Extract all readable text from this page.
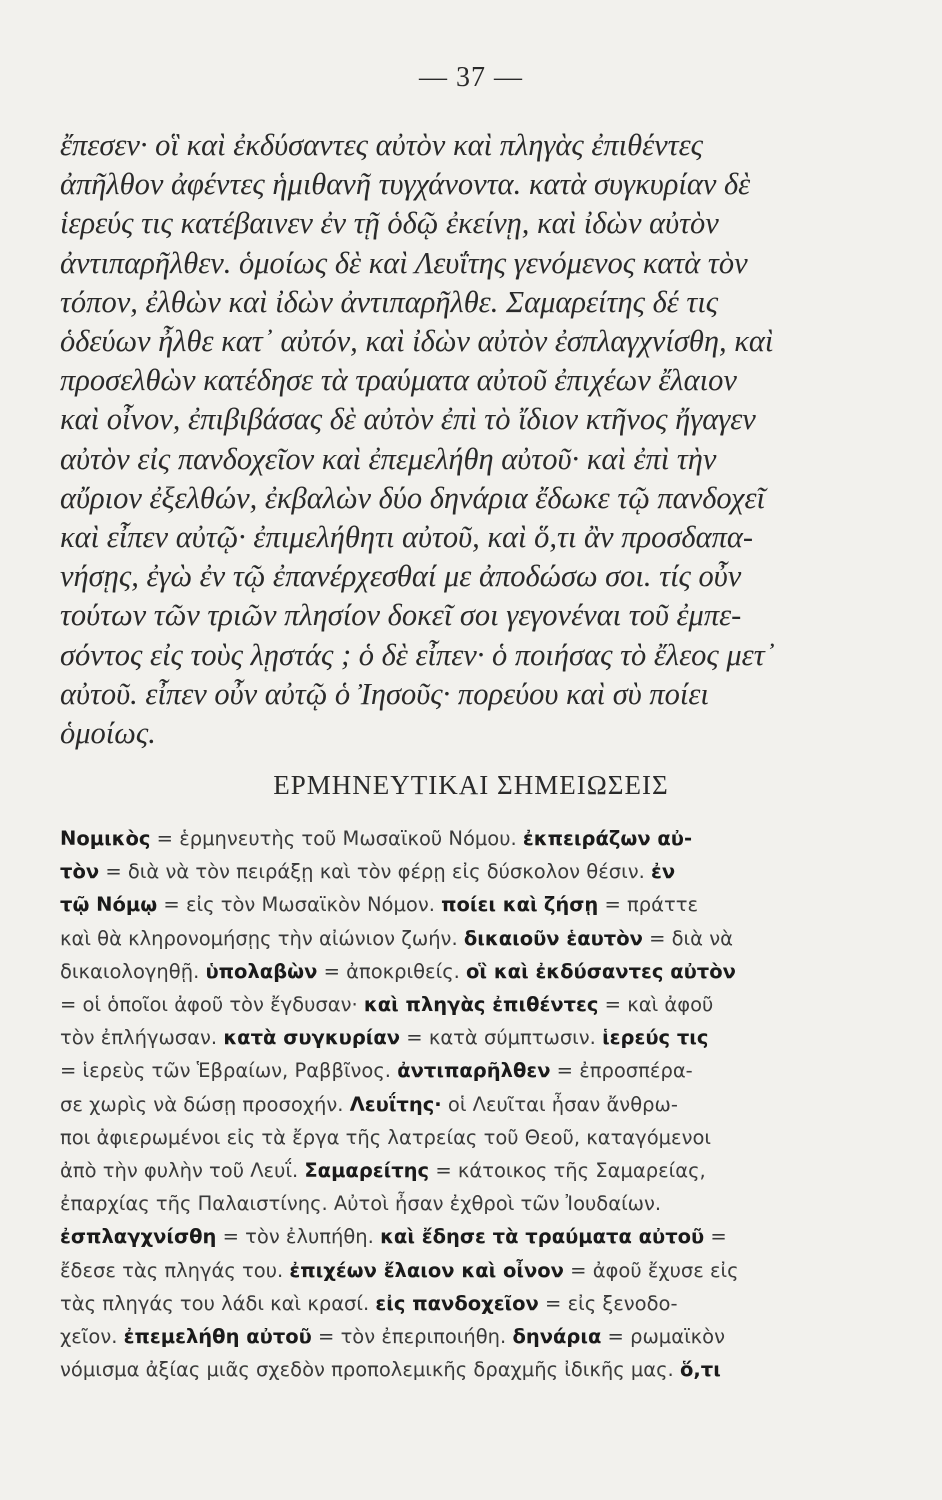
— 37 —
ἔπεσεν· οἳ καὶ ἐκδύσαντες αὐτὸν καὶ πληγὰς ἐπιθέντες
ἀπῆλθον ἀφέντες ἡμιθανῆ τυγχάνοντα. κατὰ συγκυρίαν δὲ
ἱερεύς τις κατέβαινεν ἐν τῇ ὁδῷ ἐκείνῃ, καὶ ἰδὼν αὐτὸν
ἀντιπαρῆλθεν. ὁμοίως δὲ καὶ Λευΐτης γενόμενος κατὰ τὸν
τόπον, ἐλθὼν καὶ ἰδὼν ἀντιπαρῆλθε. Σαμαρείτης δέ τις
ὁδεύων ἦλθε κατ᾽ αὐτόν, καὶ ἰδὼν αὐτὸν ἐσπλαγχνίσθη, καὶ
προσελθὼν κατέδησε τὰ τραύματα αὐτοῦ ἐπιχέων ἔλαιον
καὶ οἶνον, ἐπιβιβάσας δὲ αὐτὸν ἐπὶ τὸ ἴδιον κτῆνος ἤγαγεν
αὐτὸν εἰς πανδοχεῖον καὶ ἐπεμελήθη αὐτοῦ· καὶ ἐπὶ τὴν
αὔριον ἐξελθών, ἐκβαλὼν δύο δηνάρια ἔδωκε τῷ πανδοχεῖ
καὶ εἶπεν αὐτῷ· ἐπιμελήθητι αὐτοῦ, καὶ ὅ,τι ἂν προσδαπα-
νήσῃς, ἐγὼ ἐν τῷ ἐπανέρχεσθαί με ἀποδώσω σοι. τίς οὖν
τούτων τῶν τριῶν πλησίον δοκεῖ σοι γεγονέναι τοῦ ἐμπε-
σόντος εἰς τοὺς λῃστάς ; ὁ δὲ εἶπεν· ὁ ποιήσας τὸ ἔλεος μετ᾽
αὐτοῦ. εἶπεν οὖν αὐτῷ ὁ Ἰησοῦς· πορεύου καὶ σὺ ποίει
ὁμοίως.
ΕΡΜΗΝΕΥΤΙΚΑΙ ΣΗΜΕΙΩΣΕΙΣ
Νομικὸς = ἑρμηνευτὴς τοῦ Μωσαϊκοῦ Νόμου. ἐκπειράζων αὐ-
τὸν = διὰ νὰ τὸν πειράξῃ καὶ τὸν φέρῃ εἰς δύσκολον θέσιν. ἐν
τῷ Νόμῳ = εἰς τὸν Μωσαϊκὸν Νόμον. ποίει καὶ ζήσῃ = πράττε
καὶ θὰ κληρονομήσῃς τὴν αἰώνιον ζωήν. δικαιοῦν ἑαυτὸν = διὰ νὰ
δικαιολογηθῇ. ὑπολαβὼν = ἀποκριθείς. οἳ καὶ ἐκδύσαντες αὐτὸν
= οἱ ὁποῖοι ἀφοῦ τὸν ἔγδυσαν· καὶ πληγὰς ἐπιθέντες = καὶ ἀφοῦ
τὸν ἐπλήγωσαν. κατὰ συγκυρίαν = κατὰ σύμπτωσιν. ἱερεύς τις
= ἱερεὺς τῶν Ἑβραίων, Ραββῖνος. ἀντιπαρῆλθεν = ἐπροσπέρα-
σε χωρὶς νὰ δώσῃ προσοχήν. Λευΐτης· οἱ Λευῖται ἦσαν ἄνθρω-
ποι ἀφιερωμένοι εἰς τὰ ἔργα τῆς λατρείας τοῦ Θεοῦ, καταγόμενοι
ἀπὸ τὴν φυλὴν τοῦ Λευΐ. Σαμαρείτης = κάτοικος τῆς Σαμαρείας,
ἐπαρχίας τῆς Παλαιστίνης. Αὐτοὶ ἦσαν ἐχθροὶ τῶν Ἰουδαίων.
ἐσπλαγχνίσθη = τὸν ἐλυπήθη. καὶ ἔδησε τὰ τραύματα αὐτοῦ =
ἔδεσε τὰς πληγάς του. ἐπιχέων ἔλαιον καὶ οἶνον = ἀφοῦ ἔχυσε εἰς
τὰς πληγάς του λάδι καὶ κρασί. εἰς πανδοχεῖον = εἰς ξενοδο-
χεῖον. ἐπεμελήθη αὐτοῦ = τὸν ἐπεριποιήθη. δηνάρια = ρωμαϊκὸν
νόμισμα ἀξίας μιᾶς σχεδὸν προπολεμικῆς δραχμῆς ἰδικῆς μας. ὅ,τι
